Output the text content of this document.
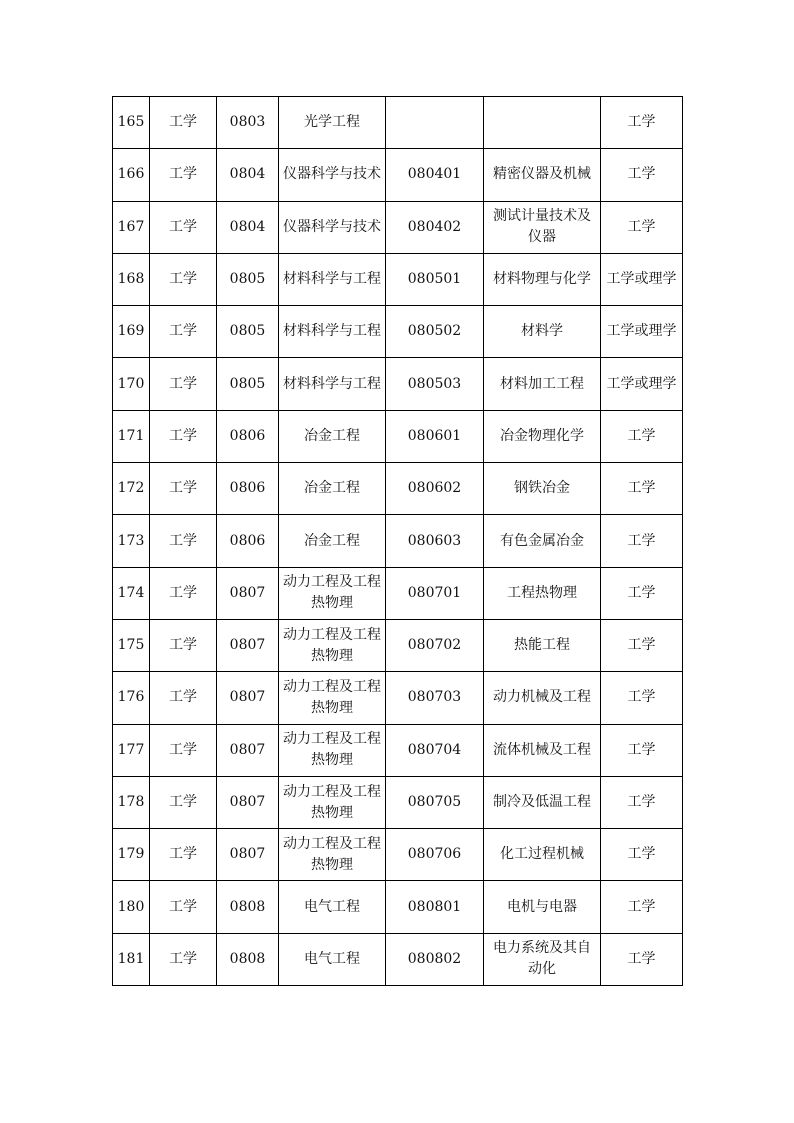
165	工学	0803	光学工程			工学
166	工学	0804	仪器科学与技术	080401	精密仪器及机械	工学
167	工学	0804	仪器科学与技术	080402	测试计量技术及仪器	工学
168	工学	0805	材料科学与工程	080501	材料物理与化学	工学或理学
169	工学	0805	材料科学与工程	080502	材料学	工学或理学
170	工学	0805	材料科学与工程	080503	材料加工工程	工学或理学
171	工学	0806	冶金工程	080601	冶金物理化学	工学
172	工学	0806	冶金工程	080602	钢铁冶金	工学
173	工学	0806	冶金工程	080603	有色金属冶金	工学
174	工学	0807	动力工程及工程热物理	080701	工程热物理	工学
175	工学	0807	动力工程及工程热物理	080702	热能工程	工学
176	工学	0807	动力工程及工程热物理	080703	动力机械及工程	工学
177	工学	0807	动力工程及工程热物理	080704	流体机械及工程	工学
178	工学	0807	动力工程及工程热物理	080705	制冷及低温工程	工学
179	工学	0807	动力工程及工程热物理	080706	化工过程机械	工学
180	工学	0808	电气工程	080801	电机与电器	工学
181	工学	0808	电气工程	080802	电力系统及其自动化	工学
